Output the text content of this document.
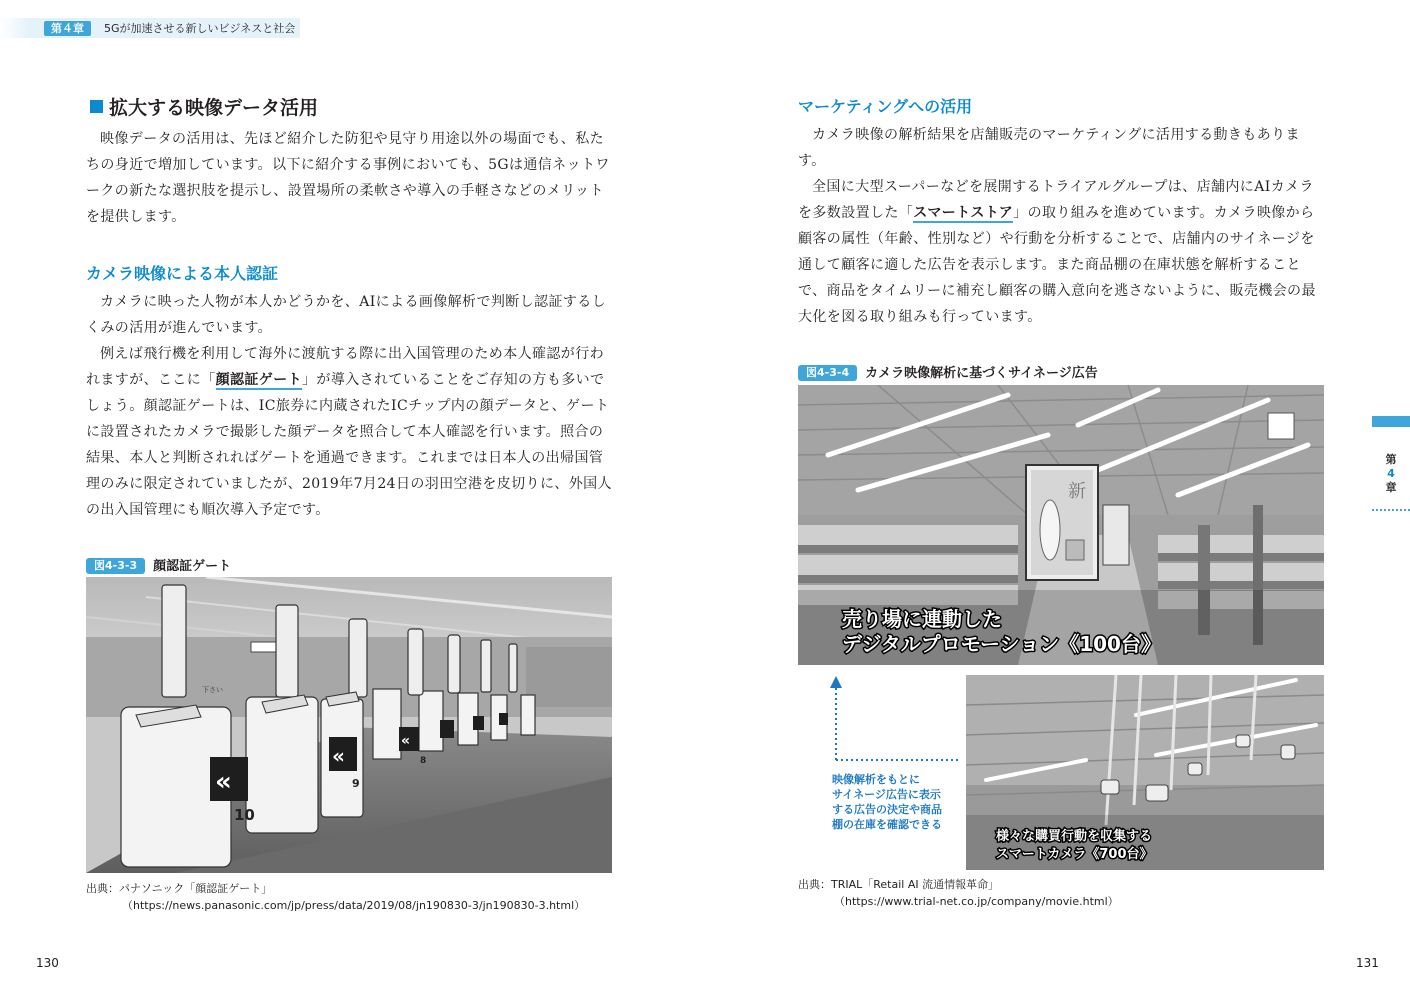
第４章	5Gが加速させる新しいビジネスと社会
拡大する映像データ活用

映像データの活用は、先ほど紹介した防犯や見守り用途以外の場面でも、私たちの身近で増加しています。以下に紹介する事例においても、5Gは通信ネットワークの新たな選択肢を提示し、設置場所の柔軟さや導入の手軽さなどのメリットを提供します。

カメラ映像による本人認証

カメラに映った人物が本人かどうかを、AIによる画像解析で判断し認証するしくみの活用が進んでいます。

例えば飛行機を利用して海外に渡航する際に出入国管理のため本人確認が行われますが、ここに「顔認証ゲート」が導入されていることをご存知の方も多いでしょう。顔認証ゲートは、IC旅券に内蔵されたICチップ内の顔データと、ゲートに設置されたカメラで撮影した顔データを照合して本人確認を行います。照合の結果、本人と判断されればゲートを通過できます。これまでは日本人の出帰国管理のみに限定されていましたが、2019年7月24日の羽田空港を皮切りに、外国人の出入国管理にも順次導入予定です。

図4-3-3 顔認証ゲート
«
«
«
10
9
8
下さい
出典：パナソニック「顔認証ゲート」
（https://news.panasonic.com/jp/press/data/2019/08/jn190830-3/jn190830-3.html）
130
マーケティングへの活用

カメラ映像の解析結果を店舗販売のマーケティングに活用する動きもあります。

全国に大型スーパーなどを展開するトライアルグループは、店舗内にAIカメラを多数設置した「スマートストア」の取り組みを進めています。カメラ映像から顧客の属性（年齢、性別など）や行動を分析することで、店舗内のサイネージを通して顧客に適した広告を表示します。また商品棚の在庫状態を解析することで、商品をタイムリーに補充し顧客の購入意向を逃さないように、販売機会の最大化を図る取り組みも行っています。

図4-3-4 カメラ映像解析に基づくサイネージ広告
新
売り場に連動した
デジタルプロモーション《100台》
映像解析をもとに
サイネージ広告に表示
する広告の決定や商品
棚の在庫を確認できる
様々な購買行動を収集する
スマートカメラ《700台》
出典：TRIAL「Retail AI 流通情報革命」
（https://www.trial-net.co.jp/company/movie.html）
131
第
4
章
